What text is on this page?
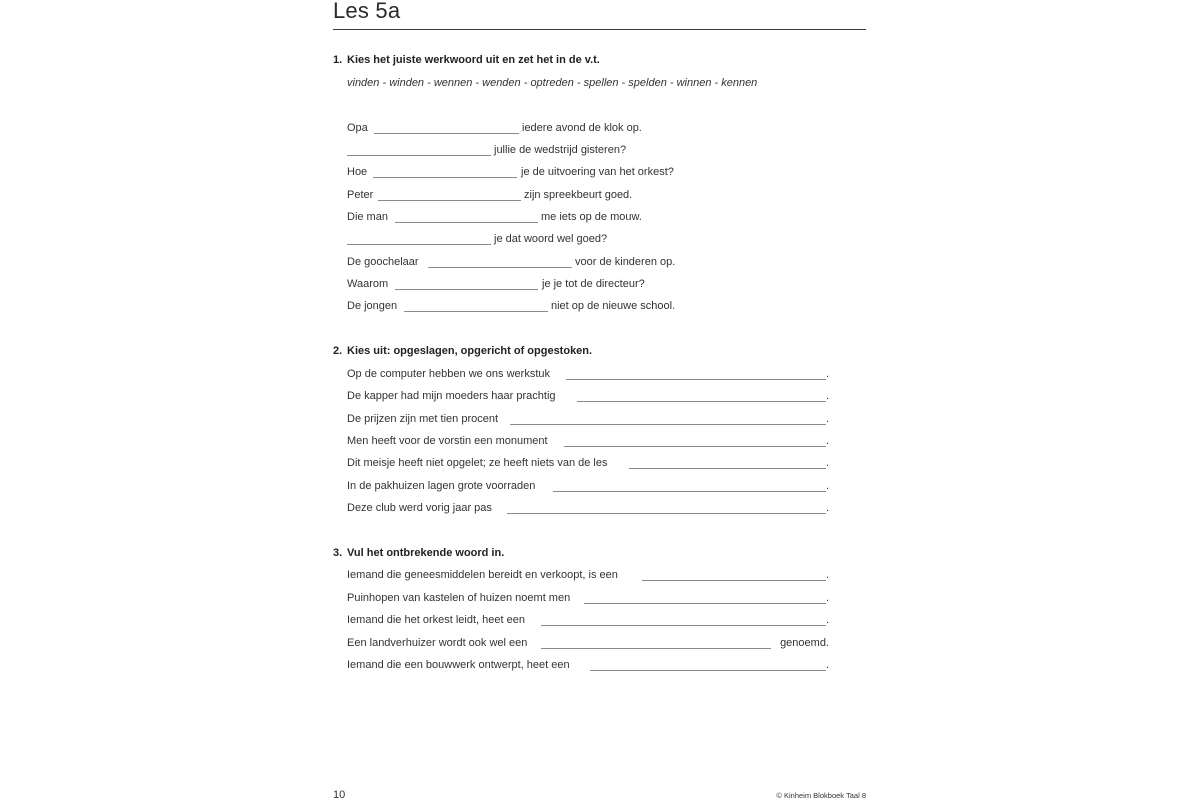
Les 5a
1. Kies het juiste werkwoord uit en zet het in de v.t.
vinden - winden - wennen - wenden - optreden - spellen - spelden - winnen - kennen
Opa	iedere avond de klok op.
jullie de wedstrijd gisteren?
Hoe	je de uitvoering van het orkest?
Peter	zijn spreekbeurt goed.
Die man	me iets op de mouw.
je dat woord wel goed?
De goochelaar	voor de kinderen op.
Waarom	je je tot de directeur?
De jongen	niet op de nieuwe school.
2. Kies uit: opgeslagen, opgericht of opgestoken.
Op de computer hebben we ons werkstuk	.
De kapper had mijn moeders haar prachtig	.
De prijzen zijn met tien procent	.
Men heeft voor de vorstin een monument	.
Dit meisje heeft niet opgelet; ze heeft niets van de les	.
In de pakhuizen lagen grote voorraden	.
Deze club werd vorig jaar pas	.
3. Vul het ontbrekende woord in.
Iemand die geneesmiddelen bereidt en verkoopt, is een	.
Puinhopen van kastelen of huizen noemt men	.
Iemand die het orkest leidt, heet een	.
Een landverhuizer wordt ook wel een	genoemd.
Iemand die een bouwwerk ontwerpt, heet een	.
10	© Kinheim Blokboek Taal 8
